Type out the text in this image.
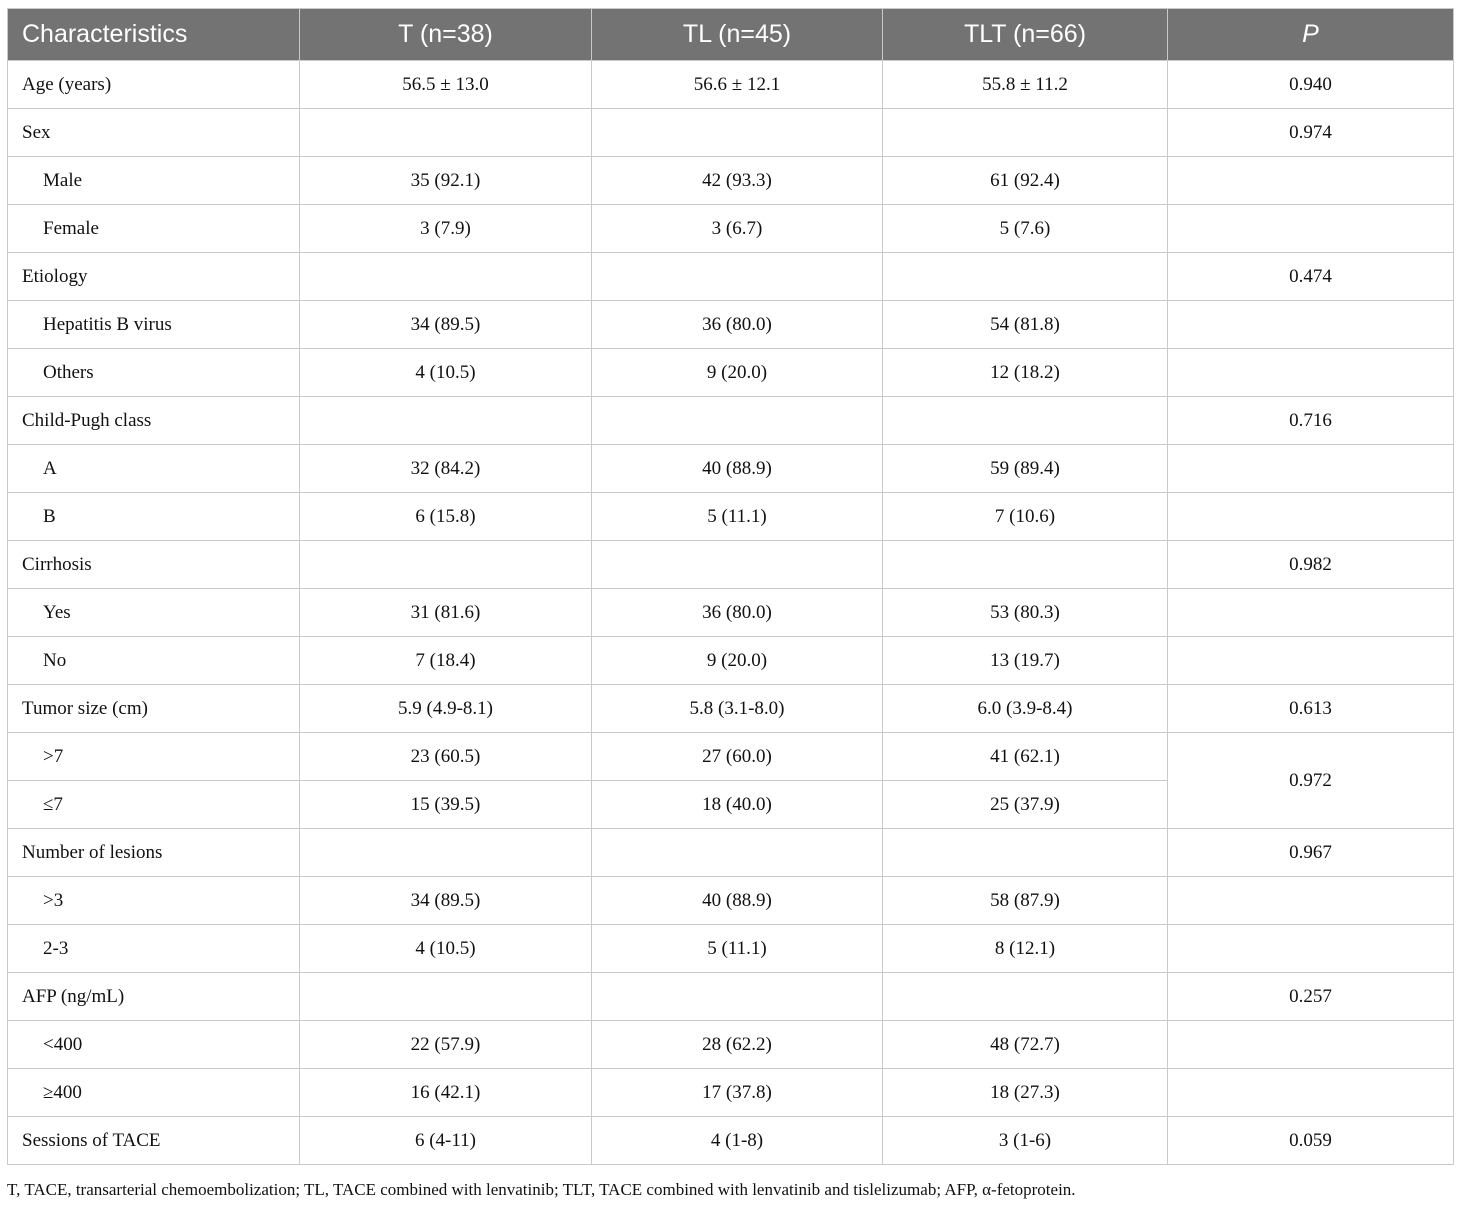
Characteristics	T (n=38)	TL (n=45)	TLT (n=66)	P
Age (years)	56.5 ± 13.0	56.6 ± 12.1	55.8 ± 11.2	0.940
Sex				0.974
Male	35 (92.1)	42 (93.3)	61 (92.4)	
Female	3 (7.9)	3 (6.7)	5 (7.6)	
Etiology				0.474
Hepatitis B virus	34 (89.5)	36 (80.0)	54 (81.8)	
Others	4 (10.5)	9 (20.0)	12 (18.2)	
Child-Pugh class				0.716
A	32 (84.2)	40 (88.9)	59 (89.4)	
B	6 (15.8)	5 (11.1)	7 (10.6)	
Cirrhosis				0.982
Yes	31 (81.6)	36 (80.0)	53 (80.3)	
No	7 (18.4)	9 (20.0)	13 (19.7)	
Tumor size (cm)	5.9 (4.9-8.1)	5.8 (3.1-8.0)	6.0 (3.9-8.4)	0.613
>7	23 (60.5)	27 (60.0)	41 (62.1)	0.972
≤7	15 (39.5)	18 (40.0)	25 (37.9)	
Number of lesions				0.967
>3	34 (89.5)	40 (88.9)	58 (87.9)	
2-3	4 (10.5)	5 (11.1)	8 (12.1)	
AFP (ng/mL)				0.257
<400	22 (57.9)	28 (62.2)	48 (72.7)	
≥400	16 (42.1)	17 (37.8)	18 (27.3)	
Sessions of TACE	6 (4-11)	4 (1-8)	3 (1-6)	0.059
T, TACE, transarterial chemoembolization; TL, TACE combined with lenvatinib; TLT, TACE combined with lenvatinib and tislelizumab; AFP, α-fetoprotein.
